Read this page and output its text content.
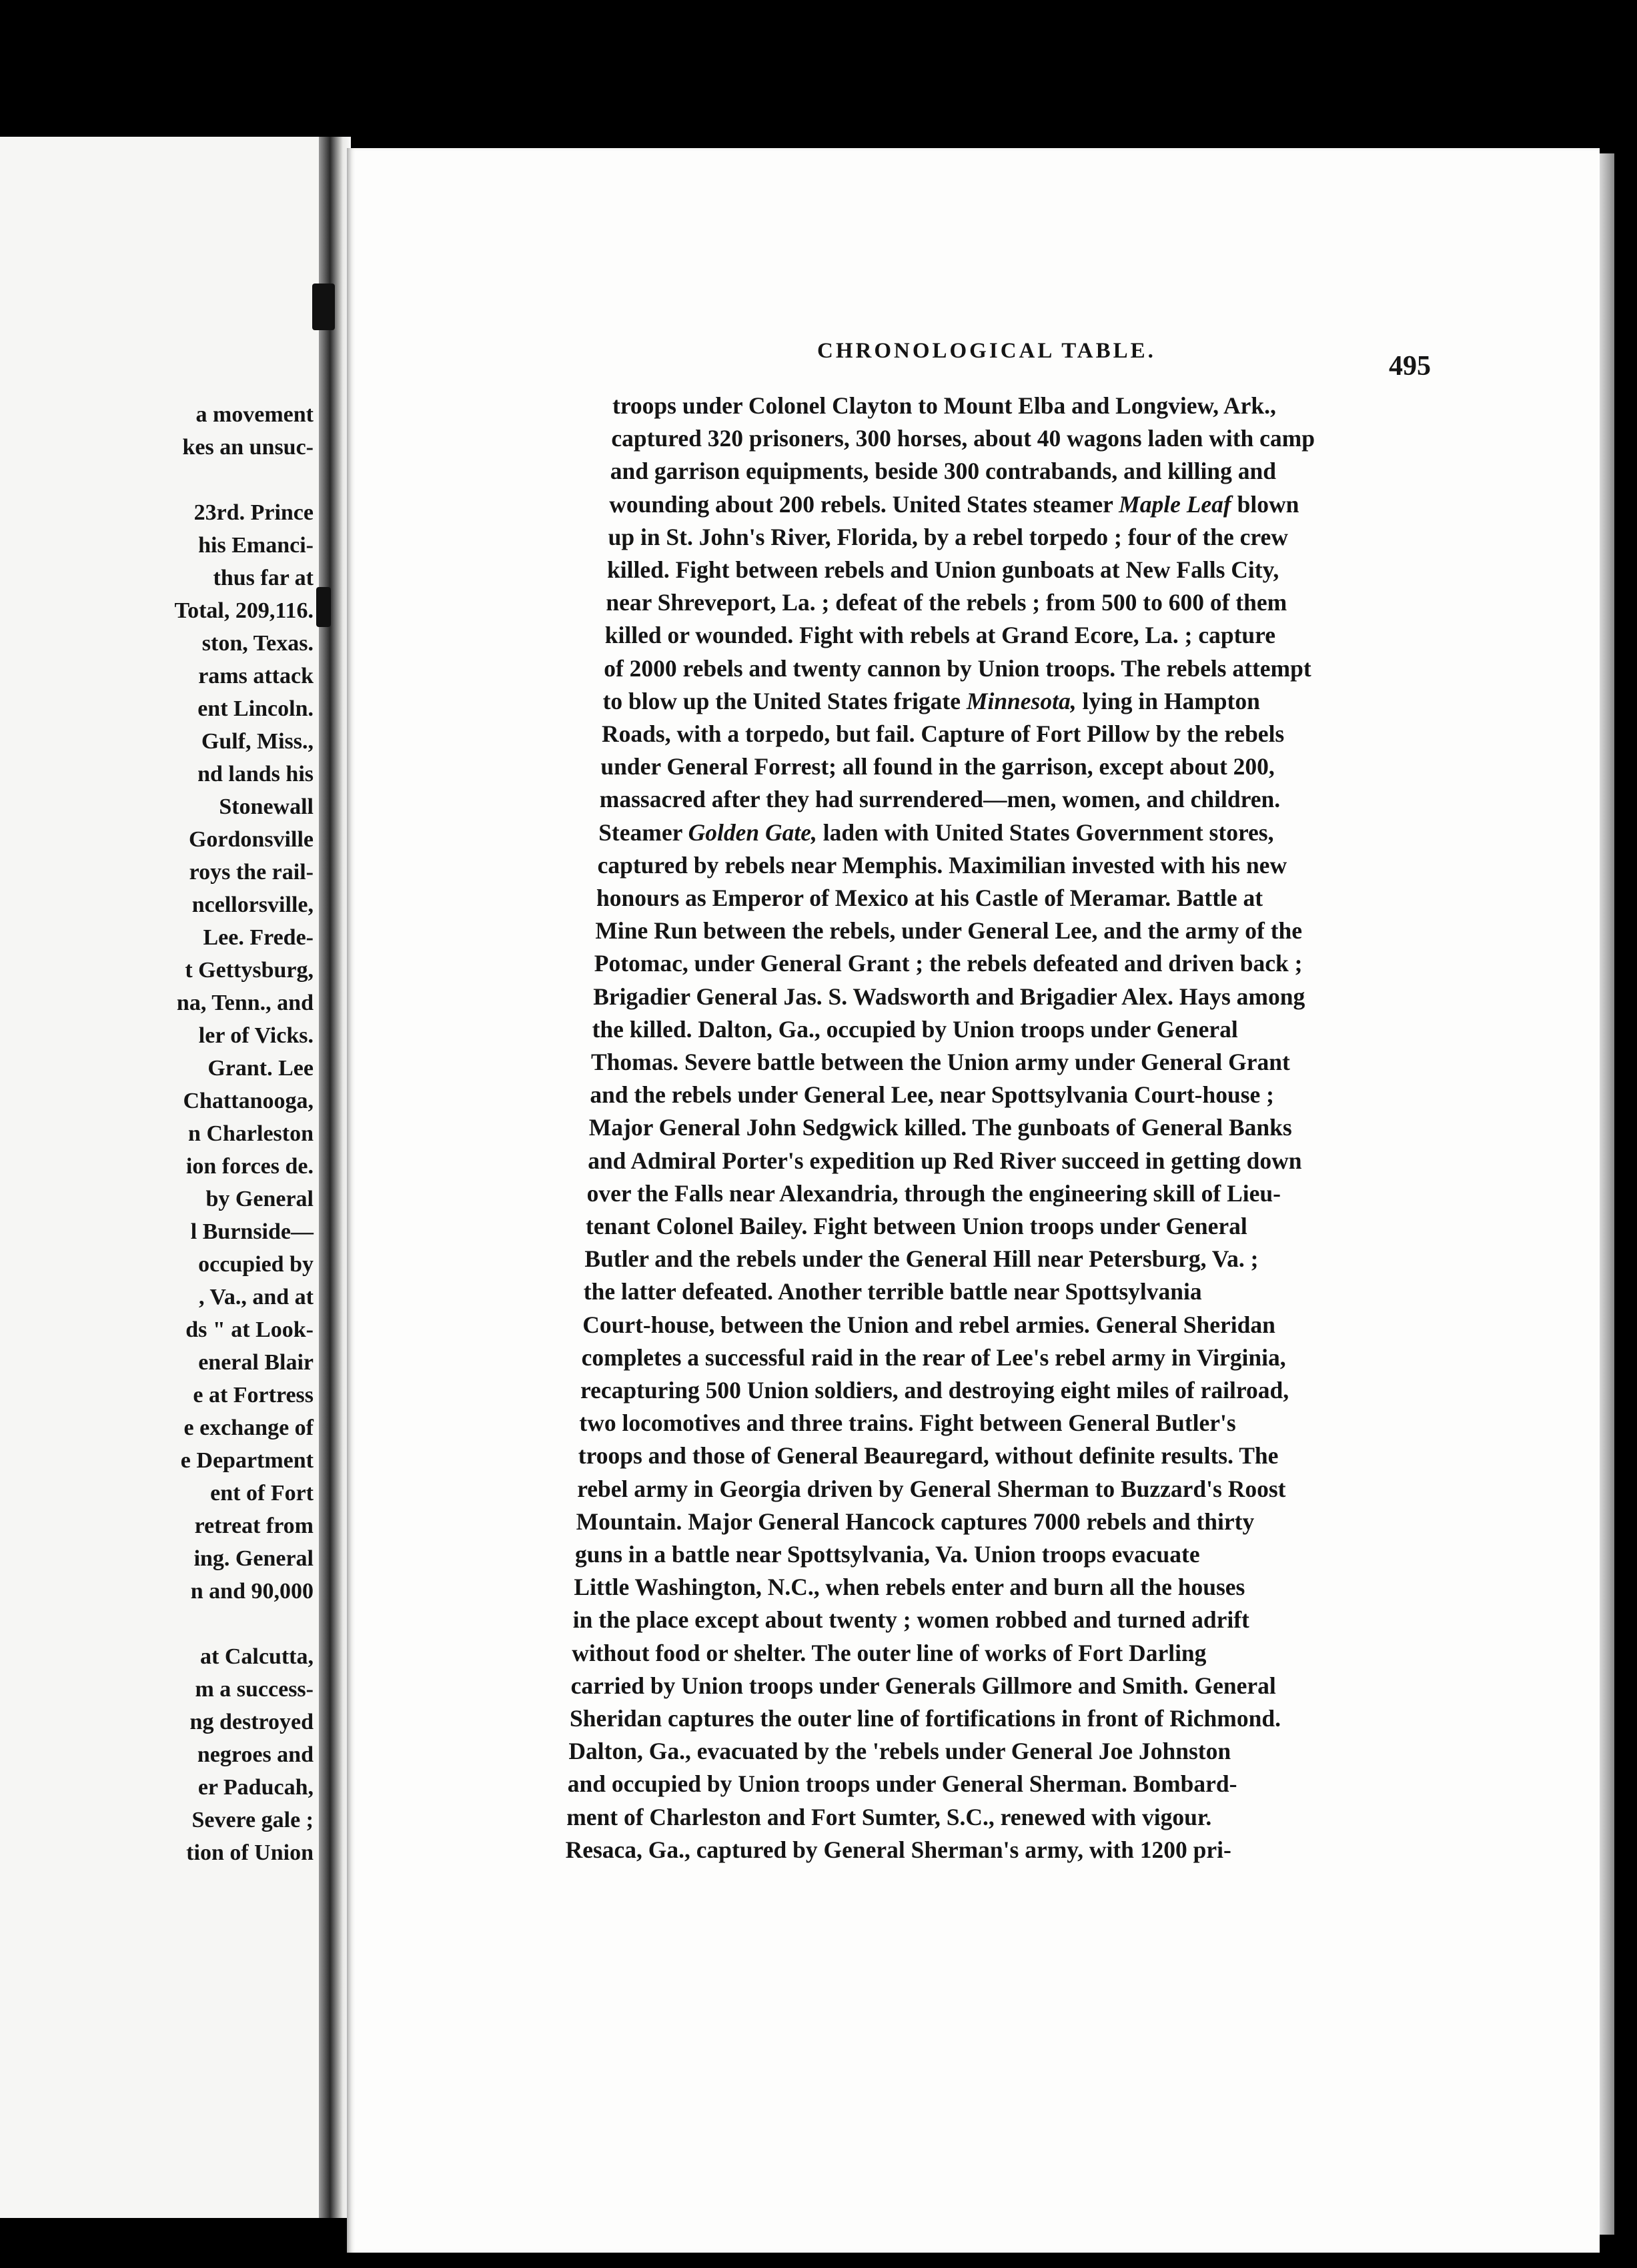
a movement
kes an unsuc-
23rd. Prince
his Emanci-
thus far at
Total, 209,116.
ston, Texas.
rams attack
ent Lincoln.
Gulf, Miss.,
nd lands his
Stonewall
Gordonsville
roys the rail-
ncellorsville,
Lee. Frede-
t Gettysburg,
na, Tenn., and
ler of Vicks.
Grant. Lee
Chattanooga,
n Charleston
ion forces de.
by General
l Burnside—
occupied by
, Va., and at
ds " at Look-
eneral Blair
e at Fortress
e exchange of
e Department
ent of Fort
retreat from
ing. General
n and 90,000
at Calcutta,
m a success-
ng destroyed
negroes and
er Paducah,
Severe gale ;
tion of Union
CHRONOLOGICAL TABLE.	495
troops under Colonel Clayton to Mount Elba and Longview, Ark.,
captured 320 prisoners, 300 horses, about 40 wagons laden with camp
and garrison equipments, beside 300 contrabands, and killing and
wounding about 200 rebels. United States steamer Maple Leaf blown
up in St. John's River, Florida, by a rebel torpedo ; four of the crew
killed. Fight between rebels and Union gunboats at New Falls City,
near Shreveport, La. ; defeat of the rebels ; from 500 to 600 of them
killed or wounded. Fight with rebels at Grand Ecore, La. ; capture
of 2000 rebels and twenty cannon by Union troops. The rebels attempt
to blow up the United States frigate Minnesota, lying in Hampton
Roads, with a torpedo, but fail. Capture of Fort Pillow by the rebels
under General Forrest; all found in the garrison, except about 200,
massacred after they had surrendered—men, women, and children.
Steamer Golden Gate, laden with United States Government stores,
captured by rebels near Memphis. Maximilian invested with his new
honours as Emperor of Mexico at his Castle of Meramar. Battle at
Mine Run between the rebels, under General Lee, and the army of the
Potomac, under General Grant ; the rebels defeated and driven back ;
Brigadier General Jas. S. Wadsworth and Brigadier Alex. Hays among
the killed. Dalton, Ga., occupied by Union troops under General
Thomas. Severe battle between the Union army under General Grant
and the rebels under General Lee, near Spottsylvania Court-house ;
Major General John Sedgwick killed. The gunboats of General Banks
and Admiral Porter's expedition up Red River succeed in getting down
over the Falls near Alexandria, through the engineering skill of Lieu-
tenant Colonel Bailey. Fight between Union troops under General
Butler and the rebels under the General Hill near Petersburg, Va. ;
the latter defeated. Another terrible battle near Spottsylvania
Court-house, between the Union and rebel armies. General Sheridan
completes a successful raid in the rear of Lee's rebel army in Virginia,
recapturing 500 Union soldiers, and destroying eight miles of railroad,
two locomotives and three trains. Fight between General Butler's
troops and those of General Beauregard, without definite results. The
rebel army in Georgia driven by General Sherman to Buzzard's Roost
Mountain. Major General Hancock captures 7000 rebels and thirty
guns in a battle near Spottsylvania, Va. Union troops evacuate
Little Washington, N.C., when rebels enter and burn all the houses
in the place except about twenty ; women robbed and turned adrift
without food or shelter. The outer line of works of Fort Darling
carried by Union troops under Generals Gillmore and Smith. General
Sheridan captures the outer line of fortifications in front of Richmond.
Dalton, Ga., evacuated by the 'rebels under General Joe Johnston
and occupied by Union troops under General Sherman. Bombard-
ment of Charleston and Fort Sumter, S.C., renewed with vigour.
Resaca, Ga., captured by General Sherman's army, with 1200 pri-
